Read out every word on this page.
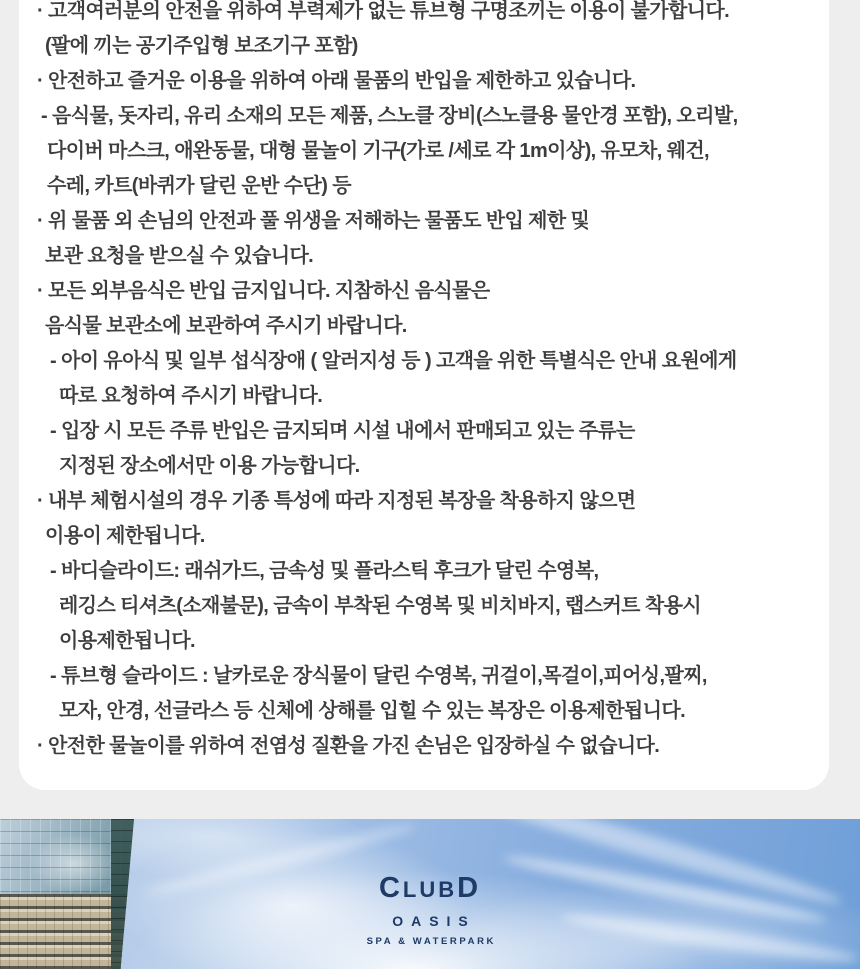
· 고객여러분의 안전을 위하여 부력제가 없는 튜브형 구명조끼는 이용이 불가합니다.
(팔에 끼는 공기주입형 보조기구 포함)
· 안전하고 즐거운 이용을 위하여 아래 물품의 반입을 제한하고 있습니다.
- 음식물, 돗자리, 유리 소재의 모든 제품, 스노클 장비(스노클용 물안경 포함), 오리발,
다이버 마스크, 애완동물, 대형 물놀이 기구(가로 /세로 각 1m이상), 유모차, 웨건,
수레, 카트(바퀴가 달린 운반 수단) 등
· 위 물품 외 손님의 안전과 풀 위생을 저해하는 물품도 반입 제한 및
보관 요청을 받으실 수 있습니다.
· 모든 외부음식은 반입 금지입니다. 지참하신 음식물은
음식물 보관소에 보관하여 주시기 바랍니다.
- 아이 유아식 및 일부 섭식장애 ( 알러지성 등 ) 고객을 위한 특별식은 안내 요원에게
따로 요청하여 주시기 바랍니다.
- 입장 시 모든 주류 반입은 금지되며 시설 내에서 판매되고 있는 주류는
지정된 장소에서만 이용 가능합니다.
· 내부 체험시설의 경우 기종 특성에 따라 지정된 복장을 착용하지 않으면
이용이 제한됩니다.
- 바디슬라이드: 래쉬가드, 금속성 및 플라스틱 후크가 달린 수영복,
레깅스 티셔츠(소재불문), 금속이 부착된 수영복 및 비치바지, 랩스커트 착용시
이용제한됩니다.
- 튜브형 슬라이드 : 날카로운 장식물이 달린 수영복, 귀걸이,목걸이,피어싱,팔찌,
모자, 안경, 선글라스 등 신체에 상해를 입힐 수 있는 복장은 이용제한됩니다.
· 안전한 물놀이를 위하여 전염성 질환을 가진 손님은 입장하실 수 없습니다.
CLUBD
OASIS
SPA & WATERPARK
